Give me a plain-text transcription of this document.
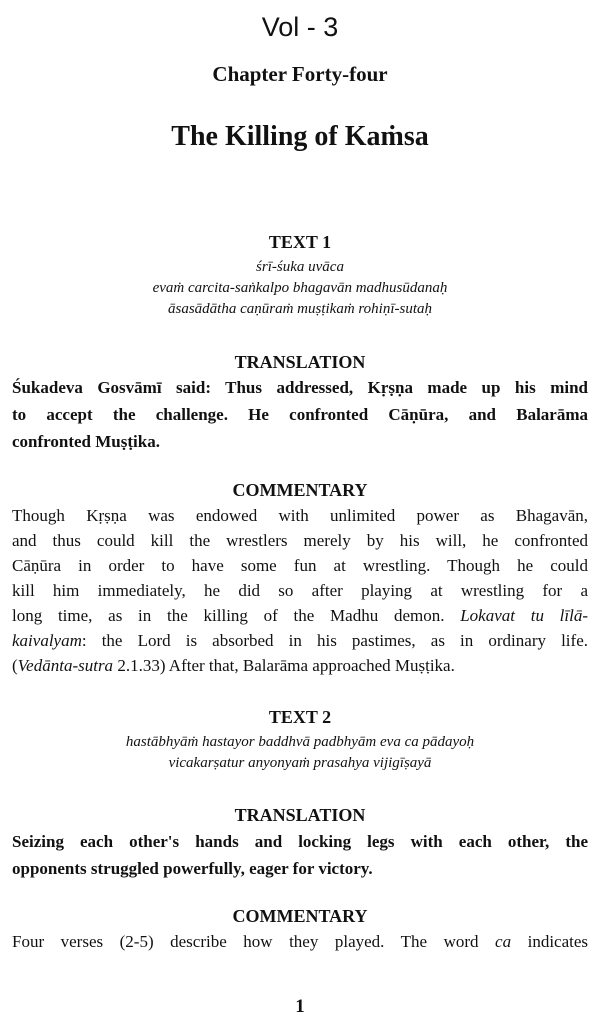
Vol - 3
Chapter Forty-four
The Killing of Kaṁsa
TEXT 1
śrī-śuka uvāca
evaṁ carcita-saṅkalpo bhagavān madhusūdanaḥ
āsasādātha caṇūraṁ muṣṭikaṁ rohiṇī-sutaḥ
TRANSLATION
Śukadeva Gosvāmī said: Thus addressed, Kṛṣṇa made up his mind
to accept the challenge. He confronted Cāṇūra, and Balarāma
confronted Muṣṭika.
COMMENTARY
Though Kṛṣṇa was endowed with unlimited power as Bhagavān,
and thus could kill the wrestlers merely by his will, he confronted
Cāṇūra in order to have some fun at wrestling. Though he could
kill him immediately, he did so after playing at wrestling for a
long time, as in the killing of the Madhu demon. Lokavat tu līlā-
kaivalyam: the Lord is absorbed in his pastimes, as in ordinary life.
(Vedānta-sutra 2.1.33) After that, Balarāma approached Muṣṭika.
TEXT 2
hastābhyāṁ hastayor baddhvā padbhyām eva ca pādayoḥ
vicakarṣatur anyonyaṁ prasahya vijigīṣayā
TRANSLATION
Seizing each other's hands and locking legs with each other, the
opponents struggled powerfully, eager for victory.
COMMENTARY
Four verses (2-5) describe how they played. The word ca indicates
1
